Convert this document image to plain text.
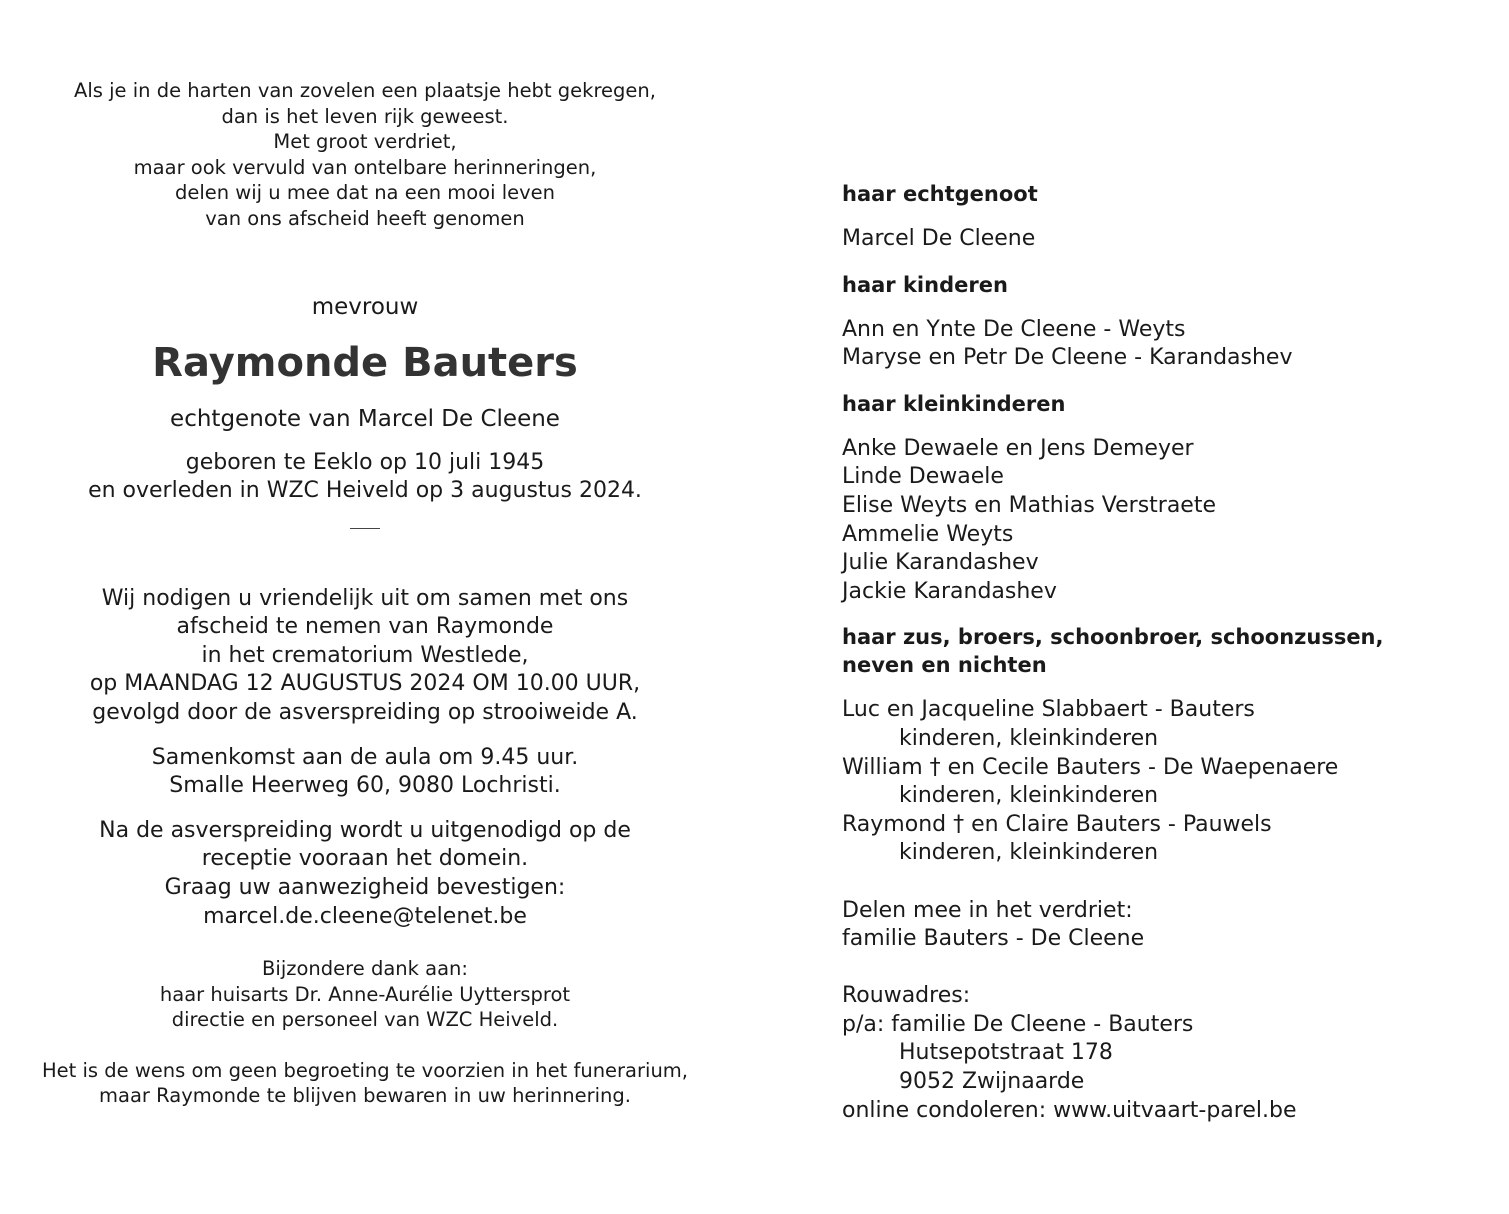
Als je in de harten van zovelen een plaatsje hebt gekregen,
dan is het leven rijk geweest.
Met groot verdriet,
maar ook vervuld van ontelbare herinneringen,
delen wij u mee dat na een mooi leven
van ons afscheid heeft genomen
mevrouw
Raymonde Bauters
echtgenote van Marcel De Cleene
geboren te Eeklo op 10 juli 1945
en overleden in WZC Heiveld op 3 augustus 2024.
Wij nodigen u vriendelijk uit om samen met ons
afscheid te nemen van Raymonde
in het crematorium Westlede,
op MAANDAG 12 AUGUSTUS 2024 OM 10.00 UUR,
gevolgd door de asverspreiding op strooiweide A.
Samenkomst aan de aula om 9.45 uur.
Smalle Heerweg 60, 9080 Lochristi.
Na de asverspreiding wordt u uitgenodigd op de
receptie vooraan het domein.
Graag uw aanwezigheid bevestigen:
marcel.de.cleene@telenet.be
Bijzondere dank aan:
haar huisarts Dr. Anne-Aurélie Uyttersprot
directie en personeel van WZC Heiveld.
Het is de wens om geen begroeting te voorzien in het funerarium,
maar Raymonde te blijven bewaren in uw herinnering.
haar echtgenoot
Marcel De Cleene
haar kinderen
Ann en Ynte De Cleene - Weyts
Maryse en Petr De Cleene - Karandashev
haar kleinkinderen
Anke Dewaele en Jens Demeyer
Linde Dewaele
Elise Weyts en Mathias Verstraete
Ammelie Weyts
Julie Karandashev
Jackie Karandashev
haar zus, broers, schoonbroer, schoonzussen,
neven en nichten
Luc en Jacqueline Slabbaert - Bauters
kinderen, kleinkinderen
William † en Cecile Bauters - De Waepenaere
kinderen, kleinkinderen
Raymond † en Claire Bauters - Pauwels
kinderen, kleinkinderen
Delen mee in het verdriet:
familie Bauters - De Cleene
Rouwadres:
p/a: familie De Cleene - Bauters
Hutsepotstraat 178
9052 Zwijnaarde
online condoleren: www.uitvaart-parel.be
